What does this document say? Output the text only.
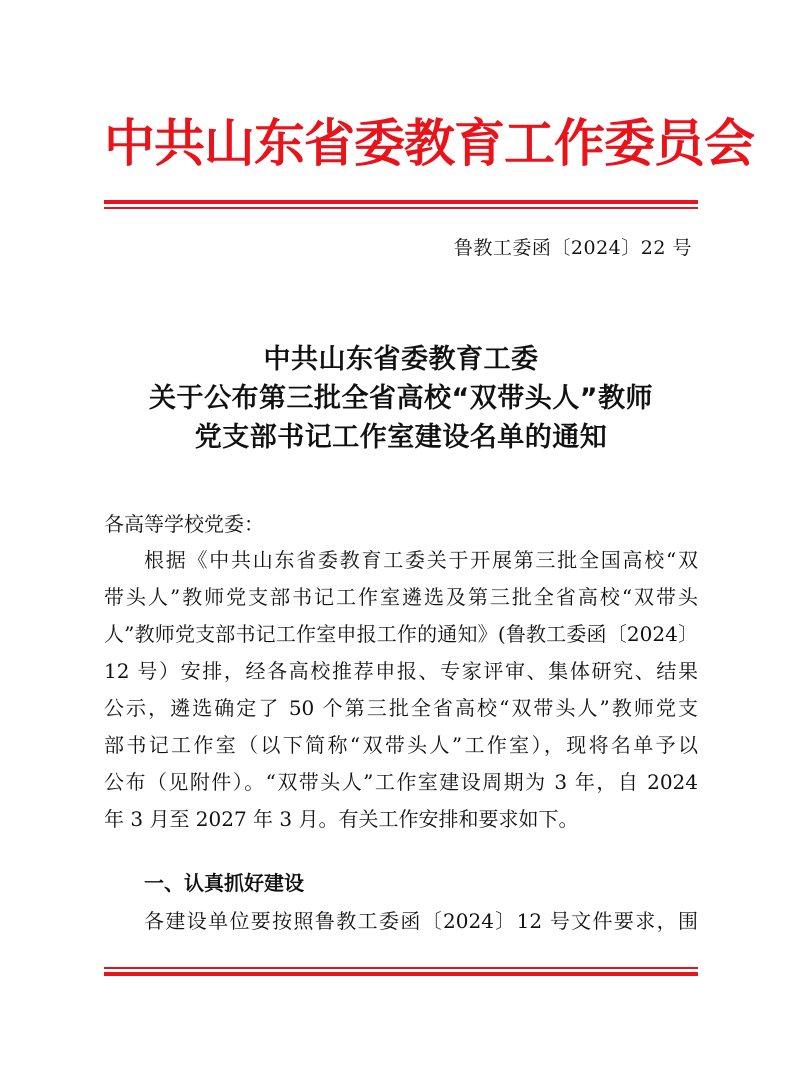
中共山东省委教育工作委员会
鲁教工委函〔2024〕22 号
中共山东省委教育工委
关于公布第三批全省高校“双带头人”教师
党支部书记工作室建设名单的通知
各高等学校党委：
根据《中共山东省委教育工委关于开展第三批全国高校“双
带头人”教师党支部书记工作室遴选及第三批全省高校“双带头
人”教师党支部书记工作室申报工作的通知》(鲁教工委函〔2024〕
12 号）安排，经各高校推荐申报、专家评审、集体研究、结果
公示，遴选确定了 50 个第三批全省高校“双带头人”教师党支
部书记工作室（以下简称“双带头人”工作室），现将名单予以
公布（见附件）。“双带头人”工作室建设周期为 3 年，自 2024
年 3 月至 2027 年 3 月。有关工作安排和要求如下。
一、认真抓好建设
各建设单位要按照鲁教工委函〔2024〕12 号文件要求，围
